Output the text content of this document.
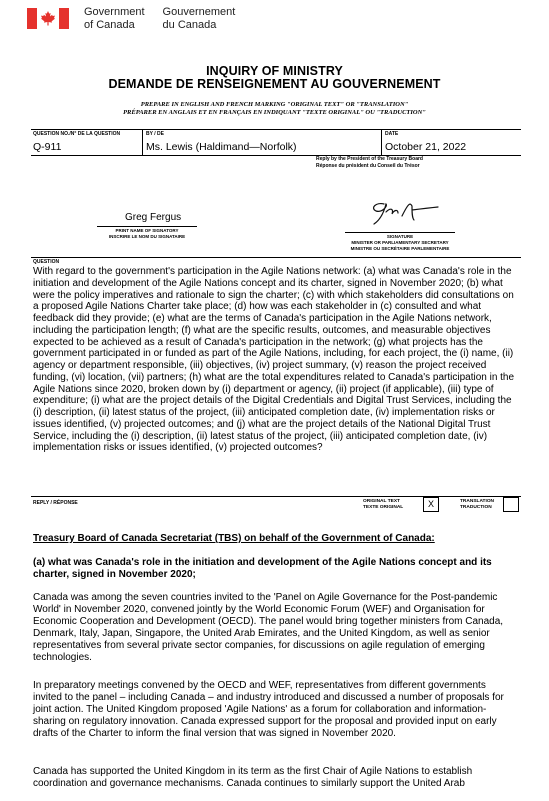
Government
of Canada
Gouvernement
du Canada
INQUIRY OF MINISTRY
DEMANDE DE RENSEIGNEMENT AU GOUVERNEMENT
PREPARE IN ENGLISH AND FRENCH MARKING "ORIGINAL TEXT" OR "TRANSLATION"
PRÉPARER EN ANGLAIS ET EN FRANÇAIS EN INDIQUANT "TEXTE ORIGINAL" OU "TRADUCTION"
QUESTION NO./N° DE LA QUESTION	BY / DE	DATE
Q-911	Ms. Lewis (Haldimand—Norfolk)	October 21, 2022
Reply by the President of the Treasury Board
Réponse du président du Conseil du Trésor
Greg Fergus
PRINT NAME OF SIGNATORY
INSCRIRE LE NOM DU SIGNATAIRE	SIGNATURE
MINISTER OR PARLIAMENTARY SECRETARY
MINISTRE OU SECRÉTAIRE PARLEMENTAIRE
QUESTION
With regard to the government's participation in the Agile Nations network: (a) what was Canada's role in the initiation and development of the Agile Nations concept and its charter, signed in November 2020; (b) what were the policy imperatives and rationale to sign the charter; (c) with which stakeholders did consultations on a proposed Agile Nations Charter take place; (d) how was each stakeholder in (c) consulted and what feedback did they provide; (e) what are the terms of Canada's participation in the Agile Nations network, including the participation length; (f) what are the specific results, outcomes, and measurable objectives expected to be achieved as a result of Canada's participation in the network; (g) what projects has the government participated in or funded as part of the Agile Nations, including, for each project, the (i) name, (ii) agency or department responsible, (iii) objectives, (iv) project summary, (v) reason the project received funding, (vi) location, (vii) partners; (h) what are the total expenditures related to Canada's participation in the Agile Nations since 2020, broken down by (i) department or agency, (ii) project (if applicable), (iii) type of expenditure; (i) what are the project details of the Digital Credentials and Digital Trust Services, including the (i) description, (ii) latest status of the project, (iii) anticipated completion date, (iv) implementation risks or issues identified, (v) projected outcomes; and (j) what are the project details of the National Digital Trust Service, including the (i) description, (ii) latest status of the project, (iii) anticipated completion date, (iv) implementation risks or issues identified, (v) projected outcomes?
REPLY / RÉPONSE	ORIGINAL TEXT
TEXTE ORIGINAL	X	TRANSLATION
TRADUCTION
Treasury Board of Canada Secretariat (TBS) on behalf of the Government of Canada:
(a) what was Canada's role in the initiation and development of the Agile Nations concept and its charter, signed in November 2020;
Canada was among the seven countries invited to the 'Panel on Agile Governance for the Post-pandemic World' in November 2020, convened jointly by the World Economic Forum (WEF) and Organisation for Economic Cooperation and Development (OECD). The panel would bring together ministers from Canada, Denmark, Italy, Japan, Singapore, the United Arab Emirates, and the United Kingdom, as well as senior representatives from several private sector companies, for discussions on agile regulation of emerging technologies.
In preparatory meetings convened by the OECD and WEF, representatives from different governments invited to the panel – including Canada – and industry introduced and discussed a number of proposals for joint action. The United Kingdom proposed 'Agile Nations' as a forum for collaboration and information-sharing on regulatory innovation. Canada expressed support for the proposal and provided input on early drafts of the Charter to inform the final version that was signed in November 2020.
Canada has supported the United Kingdom in its term as the first Chair of Agile Nations to establish coordination and governance mechanisms. Canada continues to similarly support the United Arab
